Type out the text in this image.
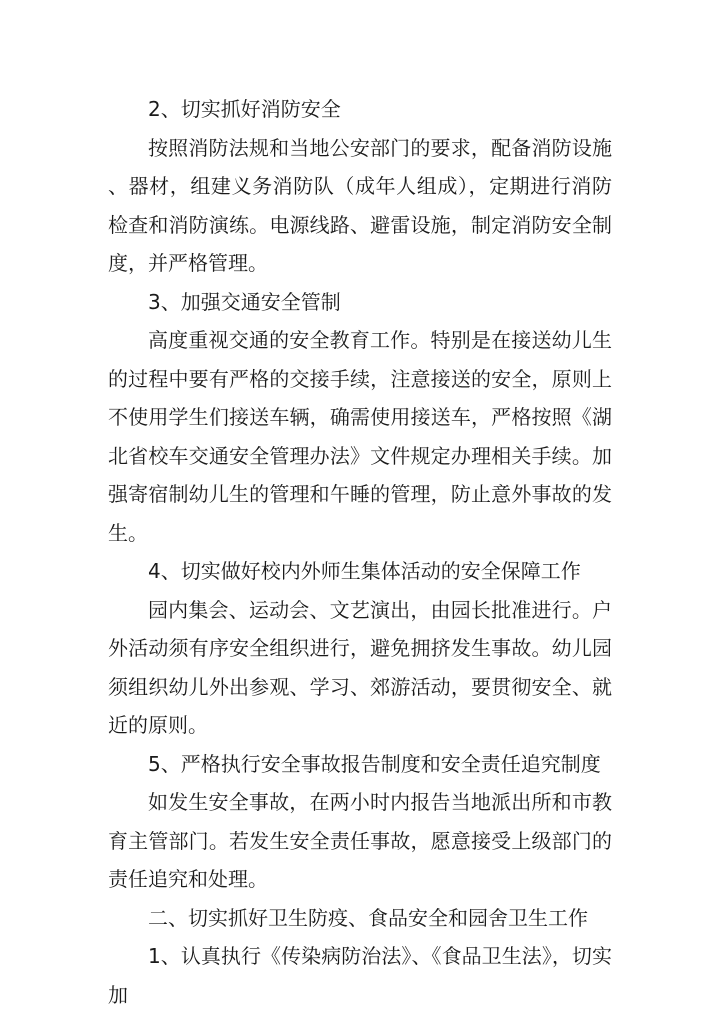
2、切实抓好消防安全

按照消防法规和当地公安部门的要求，配备消防设施、器材，组建义务消防队（成年人组成），定期进行消防检查和消防演练。电源线路、避雷设施，制定消防安全制度，并严格管理。

3、加强交通安全管制

高度重视交通的安全教育工作。特别是在接送幼儿生的过程中要有严格的交接手续，注意接送的安全，原则上不使用学生们接送车辆，确需使用接送车，严格按照《湖北省校车交通安全管理办法》文件规定办理相关手续。加强寄宿制幼儿生的管理和午睡的管理，防止意外事故的发生。

4、切实做好校内外师生集体活动的安全保障工作

园内集会、运动会、文艺演出，由园长批准进行。户外活动须有序安全组织进行，避免拥挤发生事故。幼儿园须组织幼儿外出参观、学习、郊游活动，要贯彻安全、就近的原则。

5、严格执行安全事故报告制度和安全责任追究制度

如发生安全事故，在两小时内报告当地派出所和市教育主管部门。若发生安全责任事故，愿意接受上级部门的责任追究和处理。

二、切实抓好卫生防疫、食品安全和园舍卫生工作

1、认真执行《传染病防治法》、《食品卫生法》，切实加
